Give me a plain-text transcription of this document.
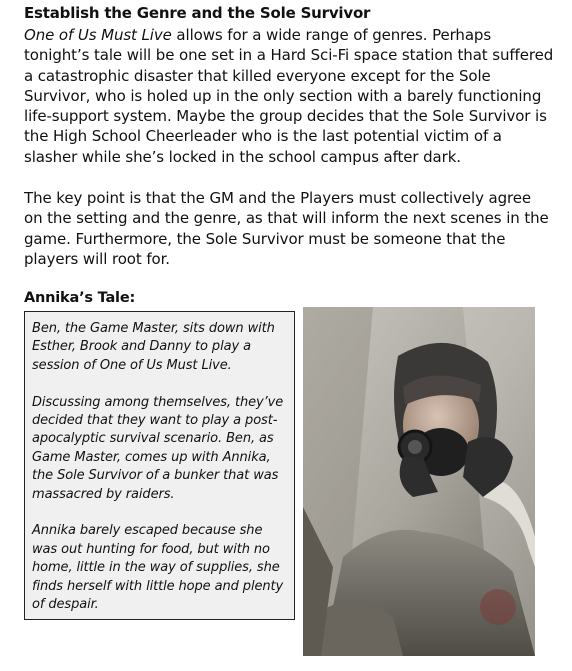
Establish the Genre and the Sole Survivor
One of Us Must Live allows for a wide range of genres. Perhaps tonight’s tale will be one set in a Hard Sci-Fi space station that suffered a catastrophic disaster that killed everyone except for the Sole Survivor, who is holed up in the only section with a barely functioning life-support system. Maybe the group decides that the Sole Survivor is the High School Cheerleader who is the last potential victim of a slasher while she’s locked in the school campus after dark.
The key point is that the GM and the Players must collectively agree on the setting and the genre, as that will inform the next scenes in the game. Furthermore, the Sole Survivor must be someone that the players will root for.
Annika’s Tale:

Ben, the Game Master, sits down with Esther, Brook and Danny to play a session of One of Us Must Live.

Discussing among themselves, they’ve decided that they want to play a post-apocalyptic survival scenario. Ben, as Game Master, comes up with Annika, the Sole Survivor of a bunker that was massacred by raiders.

Annika barely escaped because she was out hunting for food, but with no home, little in the way of supplies, she finds herself with little hope and plenty of despair.
